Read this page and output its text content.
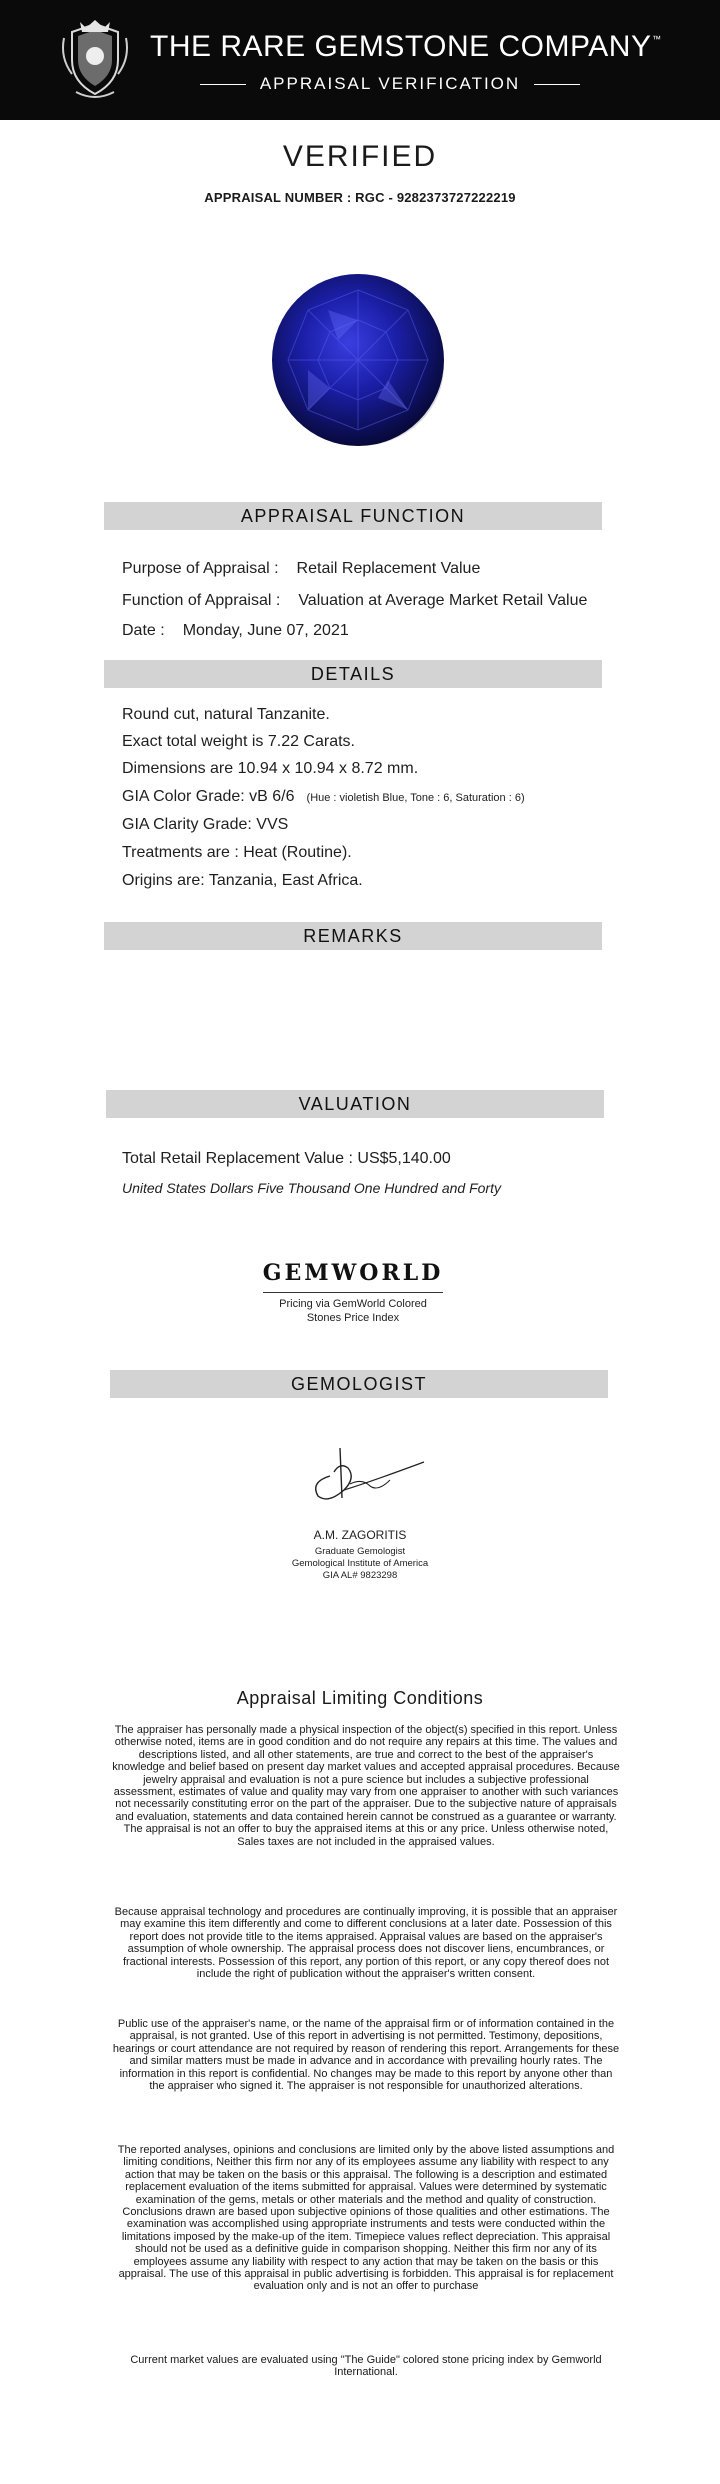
THE RARE GEMSTONE COMPANY ™
APPRAISAL VERIFICATION
VERIFIED
APPRAISAL NUMBER : RGC - 9282373727222219
APPRAISAL FUNCTION
Purpose of Appraisal : Retail Replacement Value
Function of Appraisal : Valuation at Average Market Retail Value
Date : Monday, June 07, 2021
DETAILS
Round cut, natural Tanzanite.
Exact total weight is 7.22 Carats.
Dimensions are 10.94 x 10.94 x 8.72 mm.
GIA Color Grade: vB 6/6 (Hue : violetish Blue, Tone : 6, Saturation : 6)
GIA Clarity Grade: VVS
Treatments are : Heat (Routine).
Origins are: Tanzania, East Africa.
REMARKS
VALUATION
Total Retail Replacement Value : US$5,140.00
United States Dollars Five Thousand One Hundred and Forty
GEMWORLD
Pricing via GemWorld Colored
Stones Price Index
GEMOLOGIST
A.M. ZAGORITIS
Graduate Gemologist
Gemological Institute of America
GIA AL# 9823298
Appraisal Limiting Conditions
The appraiser has personally made a physical inspection of the object(s) specified in this report. Unless otherwise noted, items are in good condition and do not require any repairs at this time. The values and descriptions listed, and all other statements, are true and correct to the best of the appraiser's knowledge and belief based on present day market values and accepted appraisal procedures. Because jewelry appraisal and evaluation is not a pure science but includes a subjective professional assessment, estimates of value and quality may vary from one appraiser to another with such variances not necessarily constituting error on the part of the appraiser. Due to the subjective nature of appraisals and evaluation, statements and data contained herein cannot be construed as a guarantee or warranty. The appraisal is not an offer to buy the appraised items at this or any price. Unless otherwise noted, Sales taxes are not included in the appraised values.
Because appraisal technology and procedures are continually improving, it is possible that an appraiser may examine this item differently and come to different conclusions at a later date. Possession of this report does not provide title to the items appraised. Appraisal values are based on the appraiser's assumption of whole ownership. The appraisal process does not discover liens, encumbrances, or fractional interests. Possession of this report, any portion of this report, or any copy thereof does not include the right of publication without the appraiser's written consent.
Public use of the appraiser's name, or the name of the appraisal firm or of information contained in the appraisal, is not granted. Use of this report in advertising is not permitted. Testimony, depositions, hearings or court attendance are not required by reason of rendering this report. Arrangements for these and similar matters must be made in advance and in accordance with prevailing hourly rates. The information in this report is confidential. No changes may be made to this report by anyone other than the appraiser who signed it. The appraiser is not responsible for unauthorized alterations.
The reported analyses, opinions and conclusions are limited only by the above listed assumptions and limiting conditions, Neither this firm nor any of its employees assume any liability with respect to any action that may be taken on the basis or this appraisal. The following is a description and estimated replacement evaluation of the items submitted for appraisal. Values were determined by systematic examination of the gems, metals or other materials and the method and quality of construction. Conclusions drawn are based upon subjective opinions of those qualities and other estimations. The examination was accomplished using appropriate instruments and tests were conducted within the limitations imposed by the make-up of the item. Timepiece values reflect depreciation. This appraisal should not be used as a definitive guide in comparison shopping. Neither this firm nor any of its employees assume any liability with respect to any action that may be taken on the basis or this appraisal. The use of this appraisal in public advertising is forbidden. This appraisal is for replacement evaluation only and is not an offer to purchase
Current market values are evaluated using "The Guide" colored stone pricing index by Gemworld International.
